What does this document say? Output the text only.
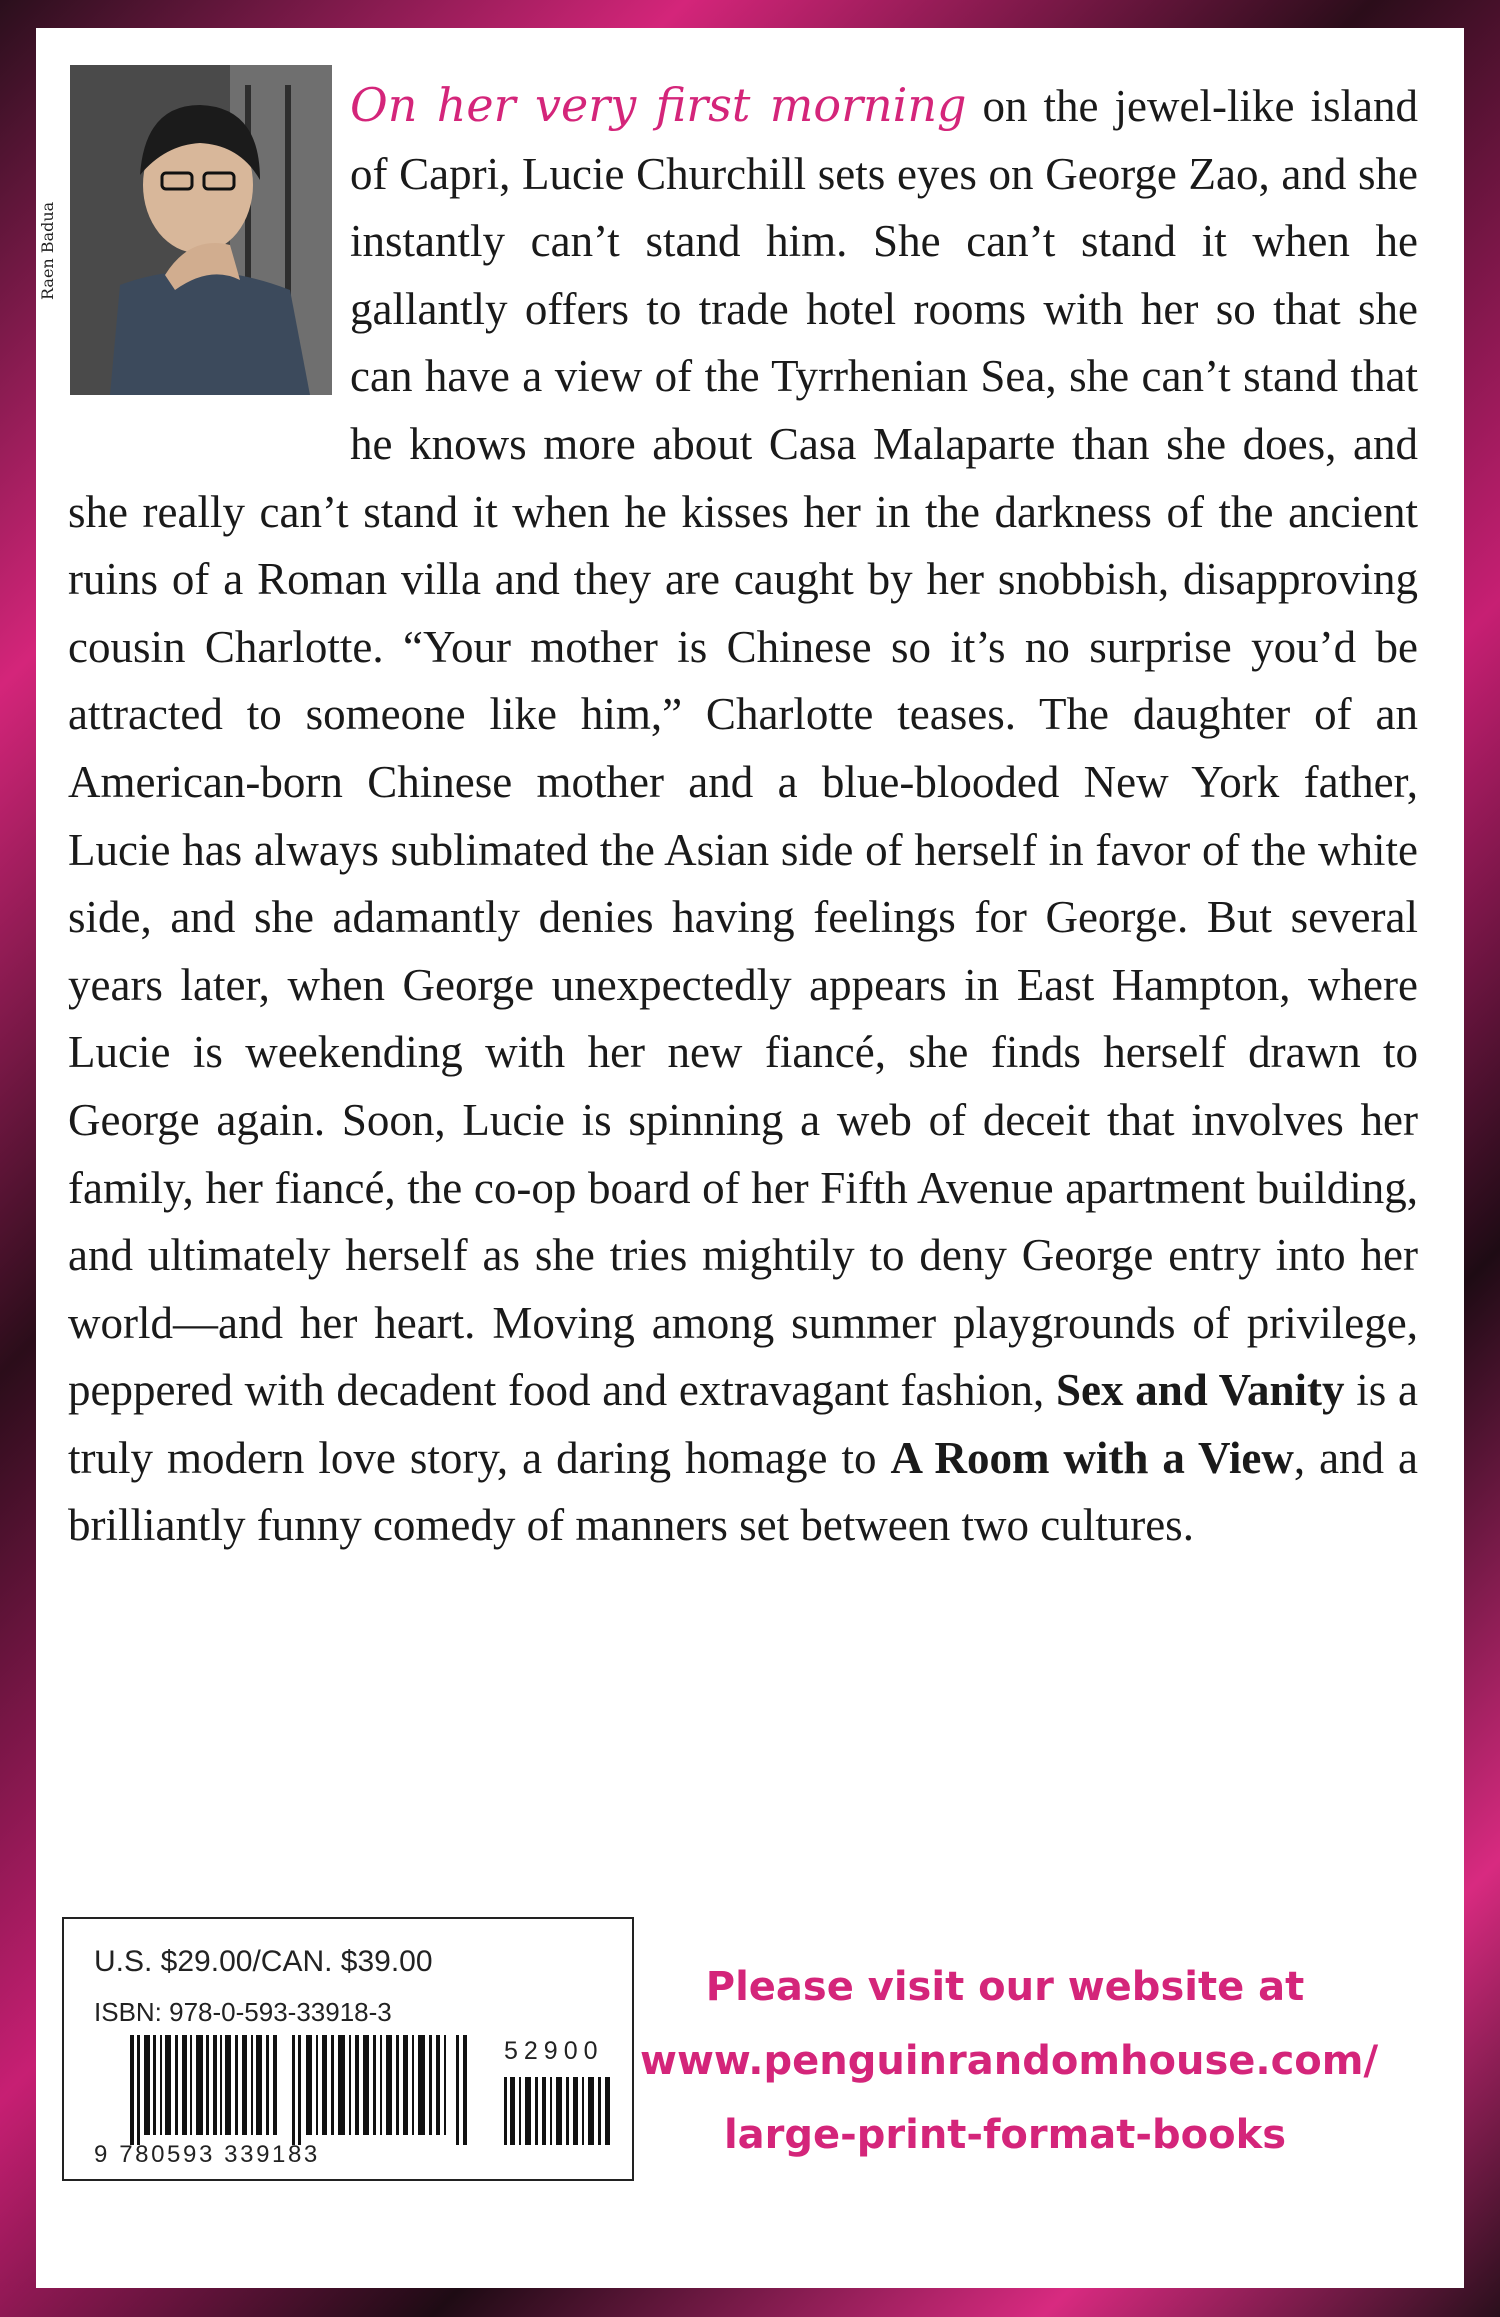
Raen Badua

On her very first morning on the jewel-like island of Capri, Lucie Churchill sets eyes on George Zao, and she instantly can’t stand him. She can’t stand it when he gallantly offers to trade hotel rooms with her so that she can have a view of the Tyrrhenian Sea, she can’t stand that he knows more about Casa Malaparte than she does, and she really can’t stand it when he kisses her in the darkness of the ancient ruins of a Roman villa and they are caught by her snobbish, disapproving cousin Charlotte. “Your mother is Chinese so it’s no surprise you’d be attracted to someone like him,” Charlotte teases. The daughter of an American-born Chinese mother and a blue-blooded New York father, Lucie has always sublimated the Asian side of herself in favor of the white side, and she adamantly denies having feelings for George. But several years later, when George unexpectedly appears in East Hampton, where Lucie is weekending with her new fiancé, she finds herself drawn to George again. Soon, Lucie is spinning a web of deceit that involves her family, her fiancé, the co-op board of her Fifth Avenue apartment building, and ultimately herself as she tries mightily to deny George entry into her world—and her heart. Moving among summer playgrounds of privilege, peppered with decadent food and extravagant fashion, Sex and Vanity is a truly modern love story, a daring homage to A Room with a View, and a brilliantly funny comedy of manners set between two cultures.

U.S. $29.00/CAN. $39.00
ISBN: 978-0-593-33918-3
52900
9 780593 339183
Please visit our website at
www.penguinrandomhouse.com/
large-print-format-books
